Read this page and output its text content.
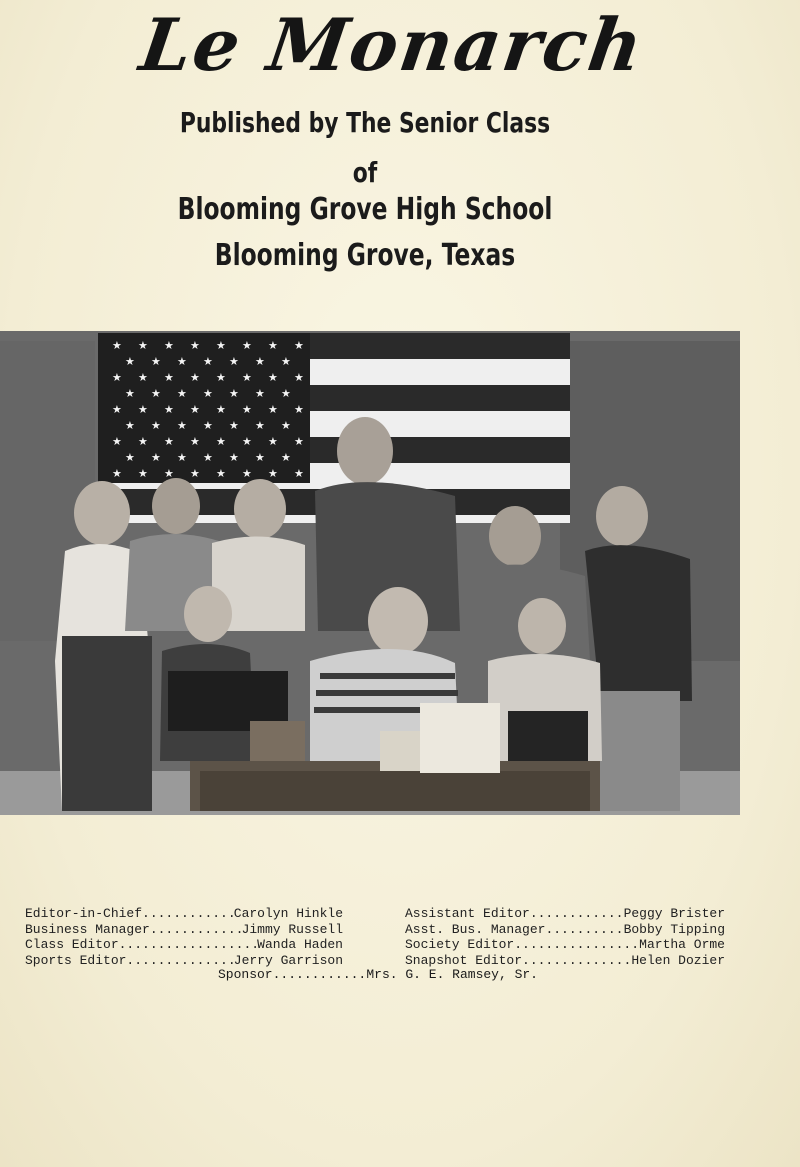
Le Monarch
Published by The Senior Class
of
Blooming Grove High School
Blooming Grove, Texas
★ ★ ★ ★ ★ ★ ★ ★
★ ★ ★ ★ ★ ★ ★
★ ★ ★ ★ ★ ★ ★ ★
★ ★ ★ ★ ★ ★ ★
★ ★ ★ ★ ★ ★ ★ ★
★ ★ ★ ★ ★ ★ ★
★ ★ ★ ★ ★ ★ ★ ★
★ ★ ★ ★ ★ ★ ★
★ ★ ★ ★ ★ ★ ★ ★
Editor-in-Chief .....	Carolyn Hinkle
Business Manager .....	Jimmy Russell
Class Editor .....	Wanda Haden
Sports Editor .....	Jerry Garrison
Assistant Editor .....	Peggy Brister
Asst. Bus. Manager .....	Bobby Tipping
Society Editor .....	Martha Orme
Snapshot Editor .....	Helen Dozier
Sponsor .....	Mrs. G. E. Ramsey, Sr.
